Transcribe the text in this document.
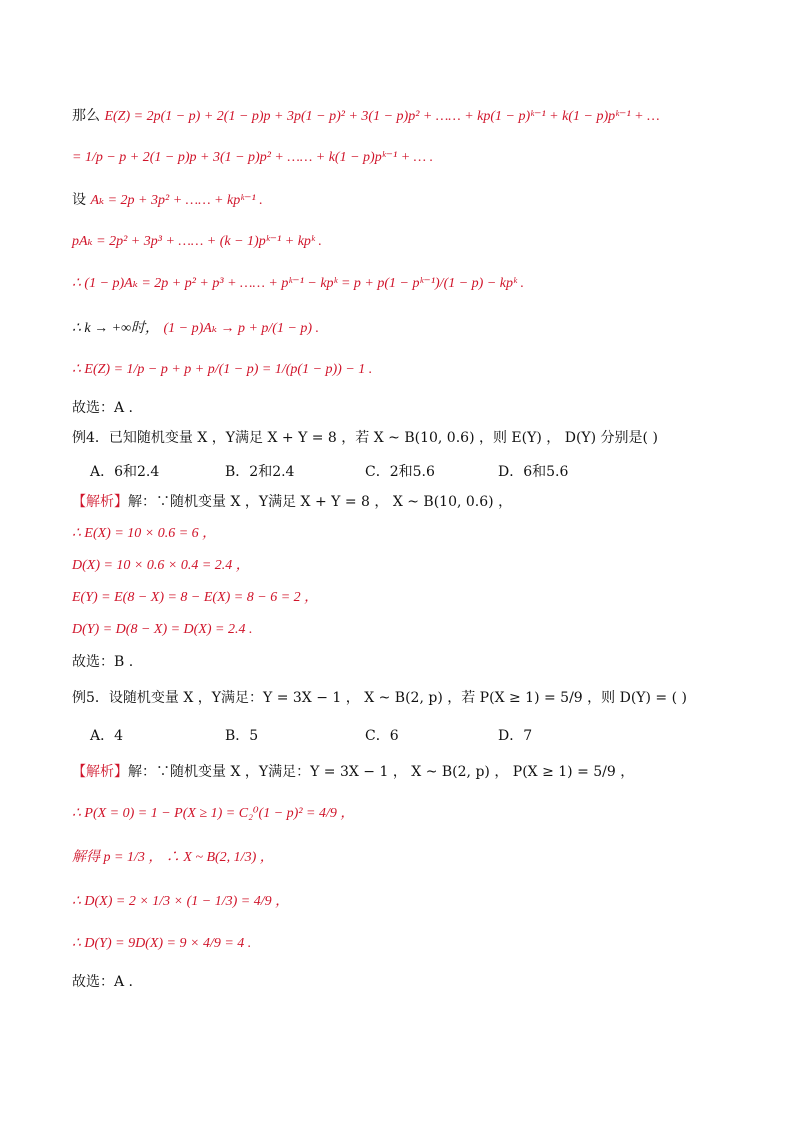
那么 E(Z) = 2p(1 − p) + 2(1 − p)p + 3p(1 − p)² + 3(1 − p)p² + …… + kp(1 − p)ᵏ⁻¹ + k(1 − p)pᵏ⁻¹ + …
= 1/p − p + 2(1 − p)p + 3(1 − p)p² + …… + k(1 − p)pᵏ⁻¹ + … .
设 Aₖ = 2p + 3p² + …… + kpᵏ⁻¹ .
pAₖ = 2p² + 3p³ + …… + (k − 1)pᵏ⁻¹ + kpᵏ .
∴ (1 − p)Aₖ = 2p + p² + p³ + …… + pᵏ⁻¹ − kpᵏ = p + p(1 − pᵏ⁻¹)/(1 − p) − kpᵏ .
∴ k → +∞时， (1 − p)Aₖ → p + p/(1 − p) .
∴ E(Z) = 1/p − p + p + p/(1 − p) = 1/(p(1 − p)) − 1 .
故选：A .
例4．已知随机变量 X ，Y满足 X + Y = 8 ，若 X ~ B(10, 0.6) ，则 E(Y) ， D(Y) 分别是( )
A．6和2.4	B．2和2.4	C．2和5.6	D．6和5.6
【解析】解：∵随机变量 X ，Y满足 X + Y = 8 ， X ~ B(10, 0.6) ，
∴ E(X) = 10 × 0.6 = 6 ，
D(X) = 10 × 0.6 × 0.4 = 2.4 ，
E(Y) = E(8 − X) = 8 − E(X) = 8 − 6 = 2 ，
D(Y) = D(8 − X) = D(X) = 2.4 .
故选：B .
例5．设随机变量 X ，Y满足：Y = 3X − 1 ， X ~ B(2, p) ，若 P(X ≥ 1) = 5/9 ，则 D(Y) = ( )
A．4	B．5	C．6	D．7
【解析】解：∵随机变量 X ，Y满足：Y = 3X − 1 ， X ~ B(2, p) ， P(X ≥ 1) = 5/9 ，
∴ P(X = 0) = 1 − P(X ≥ 1) = C₂⁰(1 − p)² = 4/9 ，
解得 p = 1/3 ， ∴ X ~ B(2, 1/3) ，
∴ D(X) = 2 × 1/3 × (1 − 1/3) = 4/9 ，
∴ D(Y) = 9D(X) = 9 × 4/9 = 4 .
故选：A .
